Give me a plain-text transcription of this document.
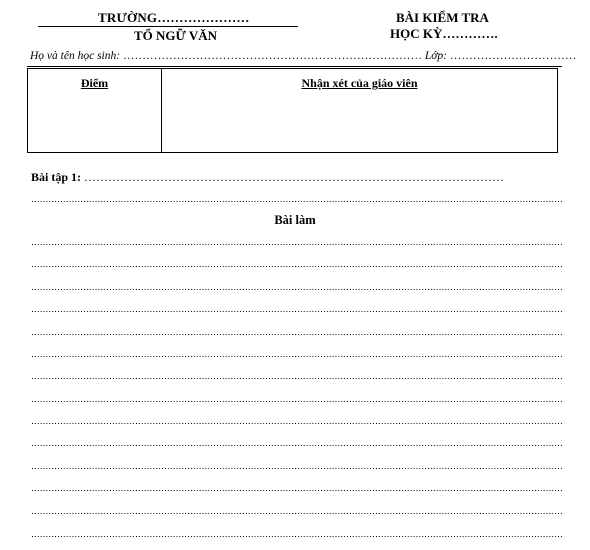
TRƯỜNG…………………
TỔ NGỮ VĂN
BÀI KIỂM TRA
HỌC KỲ………….
Họ và tên học sinh: …………………………………………………………………… Lớp: ……………………………
Điểm	Nhận xét của giáo viên
Bài tập 1: ……………………………………………………………………………………………
Bài làm
